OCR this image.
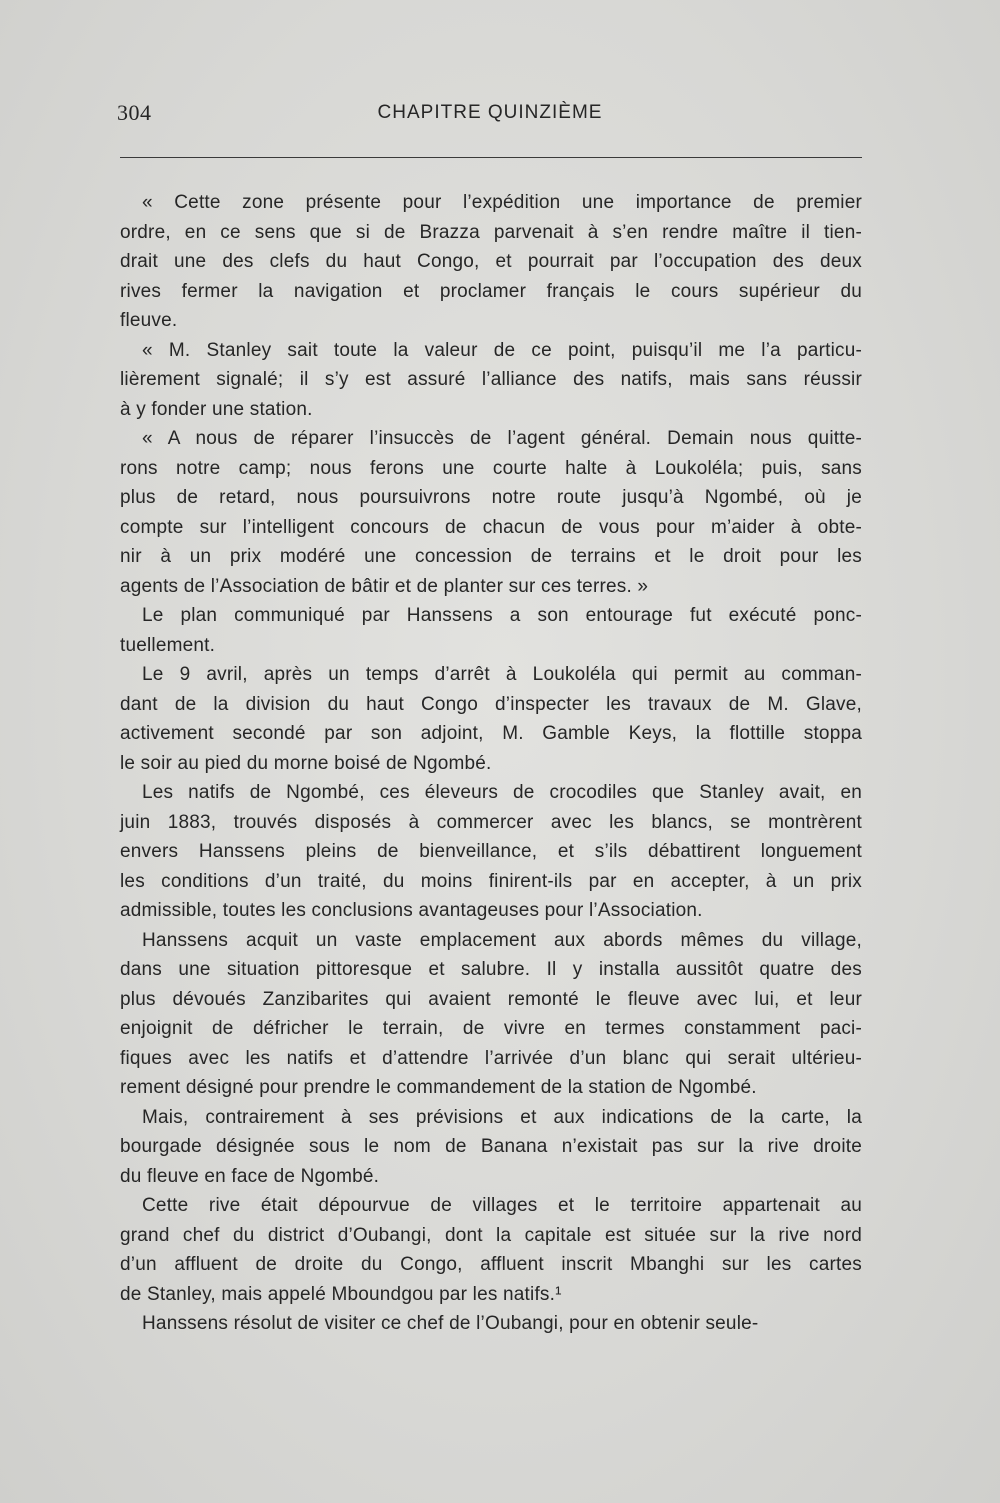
304	CHAPITRE QUINZIÈME
« Cette zone présente pour l’expédition une importance de premier
ordre, en ce sens que si de Brazza parvenait à s’en rendre maître il tien-
drait une des clefs du haut Congo, et pourrait par l’occupation des deux
rives fermer la navigation et proclamer français le cours supérieur du
fleuve.
« M. Stanley sait toute la valeur de ce point, puisqu’il me l’a particu-
lièrement signalé; il s’y est assuré l’alliance des natifs, mais sans réussir
à y fonder une station.
« A nous de réparer l’insuccès de l’agent général. Demain nous quitte-
rons notre camp; nous ferons une courte halte à Loukoléla; puis, sans
plus de retard, nous poursuivrons notre route jusqu’à Ngombé, où je
compte sur l’intelligent concours de chacun de vous pour m’aider à obte-
nir à un prix modéré une concession de terrains et le droit pour les
agents de l’Association de bâtir et de planter sur ces terres. »
Le plan communiqué par Hanssens a son entourage fut exécuté ponc-
tuellement.
Le 9 avril, après un temps d’arrêt à Loukoléla qui permit au comman-
dant de la division du haut Congo d’inspecter les travaux de M. Glave,
activement secondé par son adjoint, M. Gamble Keys, la flottille stoppa
le soir au pied du morne boisé de Ngombé.
Les natifs de Ngombé, ces éleveurs de crocodiles que Stanley avait, en
juin 1883, trouvés disposés à commercer avec les blancs, se montrèrent
envers Hanssens pleins de bienveillance, et s’ils débattirent longuement
les conditions d’un traité, du moins finirent-ils par en accepter, à un prix
admissible, toutes les conclusions avantageuses pour l’Association.
Hanssens acquit un vaste emplacement aux abords mêmes du village,
dans une situation pittoresque et salubre. Il y installa aussitôt quatre des
plus dévoués Zanzibarites qui avaient remonté le fleuve avec lui, et leur
enjoignit de défricher le terrain, de vivre en termes constamment paci-
fiques avec les natifs et d’attendre l’arrivée d’un blanc qui serait ultérieu-
rement désigné pour prendre le commandement de la station de Ngombé.
Mais, contrairement à ses prévisions et aux indications de la carte, la
bourgade désignée sous le nom de Banana n’existait pas sur la rive droite
du fleuve en face de Ngombé.
Cette rive était dépourvue de villages et le territoire appartenait au
grand chef du district d’Oubangi, dont la capitale est située sur la rive nord
d’un affluent de droite du Congo, affluent inscrit Mbanghi sur les cartes
de Stanley, mais appelé Mboundgou par les natifs.¹
Hanssens résolut de visiter ce chef de l’Oubangi, pour en obtenir seule-
